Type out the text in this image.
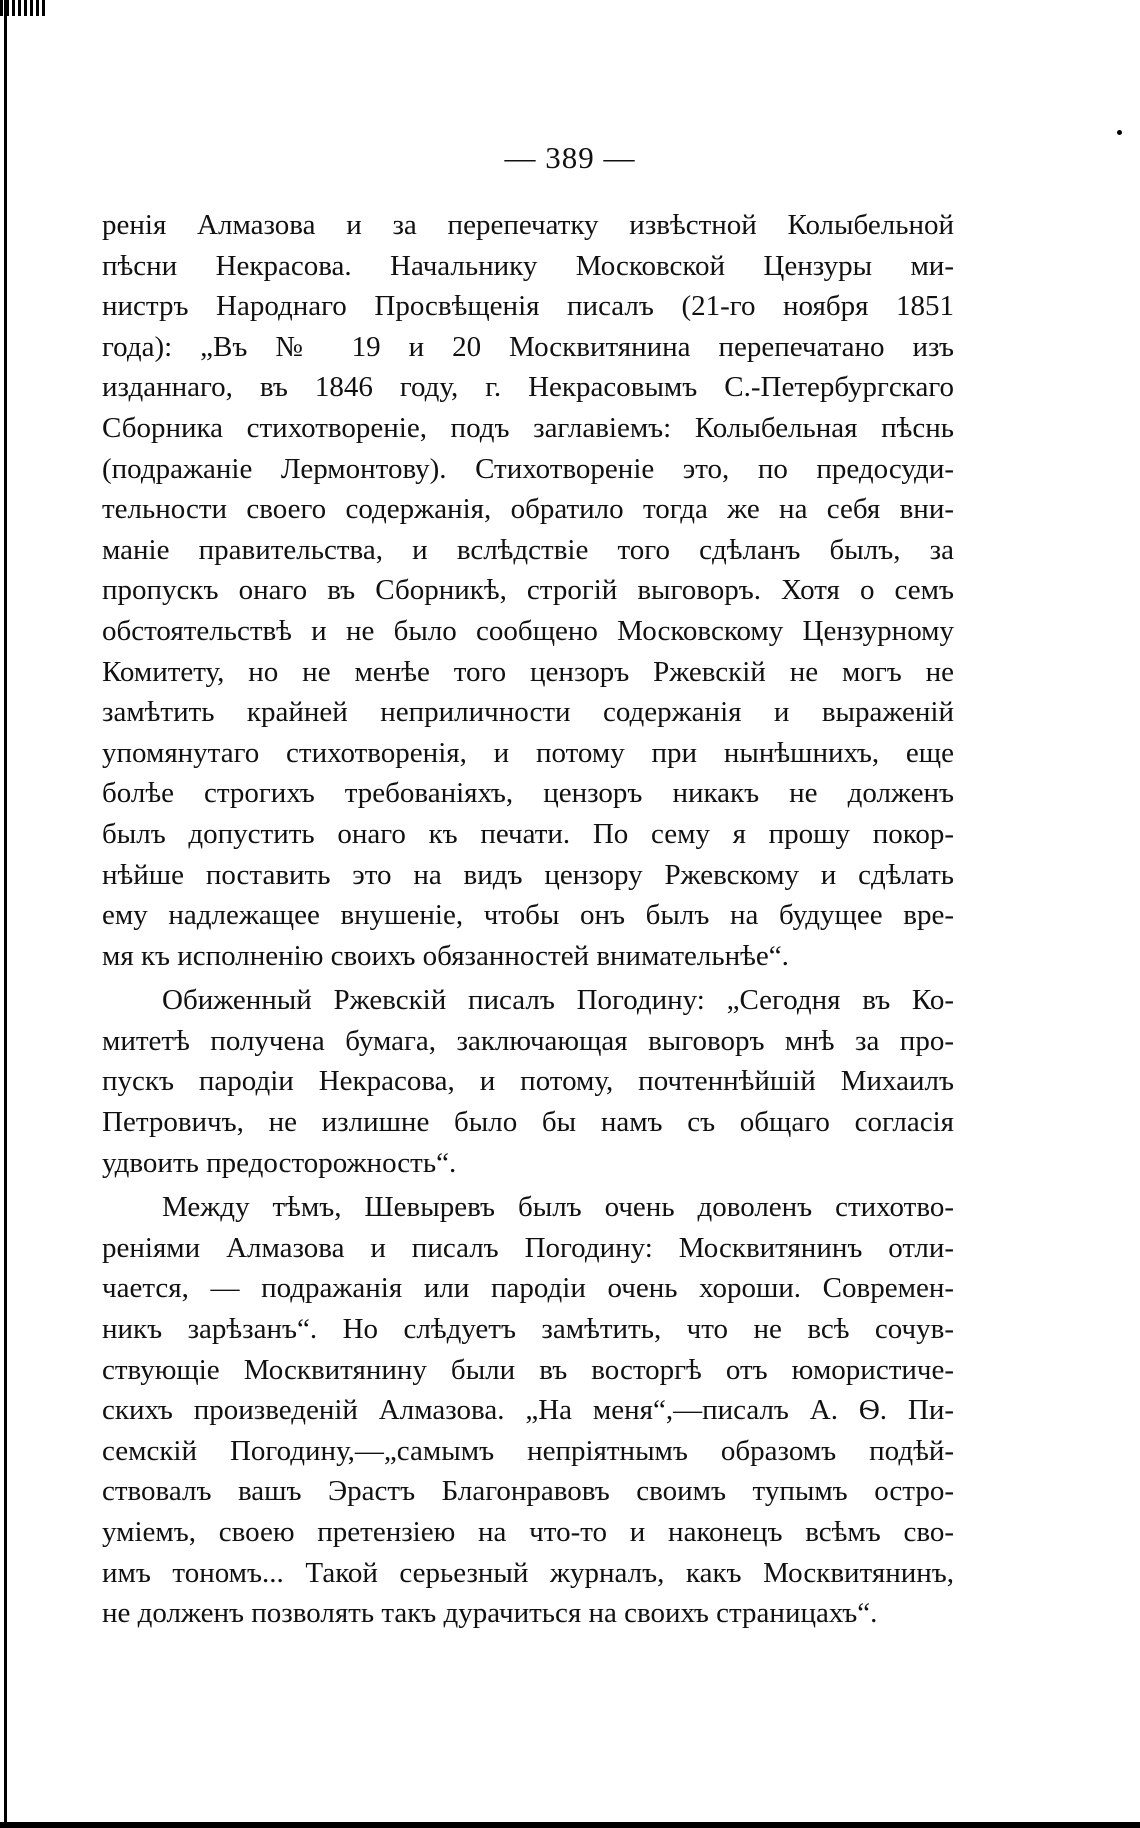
— 389 —
ренія Алмазова и за перепечатку извѣстной Колыбельной
пѣсни Некрасова. Начальнику Московской Цензуры ми-
нистръ Народнаго Просвѣщенія писалъ (21-го ноября 1851
года): „Въ № 19 и 20 Москвитянина перепечатано изъ
изданнаго, въ 1846 году, г. Некрасовымъ С.-Петербургскаго
Сборника стихотвореніе, подъ заглавіемъ: Колыбельная пѣснь
(подражаніе Лермонтову). Стихотвореніе это, по предосуди-
тельности своего содержанія, обратило тогда же на себя вни-
маніе правительства, и вслѣдствіе того сдѣланъ былъ, за
пропускъ онаго въ Сборникѣ, строгій выговоръ. Хотя о семъ
обстоятельствѣ и не было сообщено Московскому Цензурному
Комитету, но не менѣе того цензоръ Ржевскій не могъ не
замѣтить крайней неприличности содержанія и выраженій
упомянутаго стихотворенія, и потому при нынѣшнихъ, еще
болѣе строгихъ требованіяхъ, цензоръ никакъ не долженъ
былъ допустить онаго къ печати. По сему я прошу покор-
нѣйше поставить это на видъ цензору Ржевскому и сдѣлать
ему надлежащее внушеніе, чтобы онъ былъ на будущее вре-
мя къ исполненію своихъ обязанностей внимательнѣе“.
Обиженный Ржевскій писалъ Погодину: „Сегодня въ Ко-
митетѣ получена бумага, заключающая выговоръ мнѣ за про-
пускъ пародіи Некрасова, и потому, почтеннѣйшій Михаилъ
Петровичъ, не излишне было бы намъ съ общаго согласія
удвоить предосторожность“.
Между тѣмъ, Шевыревъ былъ очень доволенъ стихотво-
реніями Алмазова и писалъ Погодину: Москвитянинъ отли-
чается, — подражанія или пародіи очень хороши. Современ-
никъ зарѣзанъ“. Но слѣдуетъ замѣтить, что не всѣ сочув-
ствующіе Москвитянину были въ восторгѣ отъ юмористиче-
скихъ произведеній Алмазова. „На меня“,—писалъ А. Ѳ. Пи-
семскій Погодину,—„самымъ непріятнымъ образомъ подѣй-
ствовалъ вашъ Эрастъ Благонравовъ своимъ тупымъ остро-
уміемъ, своею претензіею на что-то и наконецъ всѣмъ сво-
имъ тономъ... Такой серьезный журналъ, какъ Москвитянинъ,
не долженъ позволять такъ дурачиться на своихъ страницахъ“.
